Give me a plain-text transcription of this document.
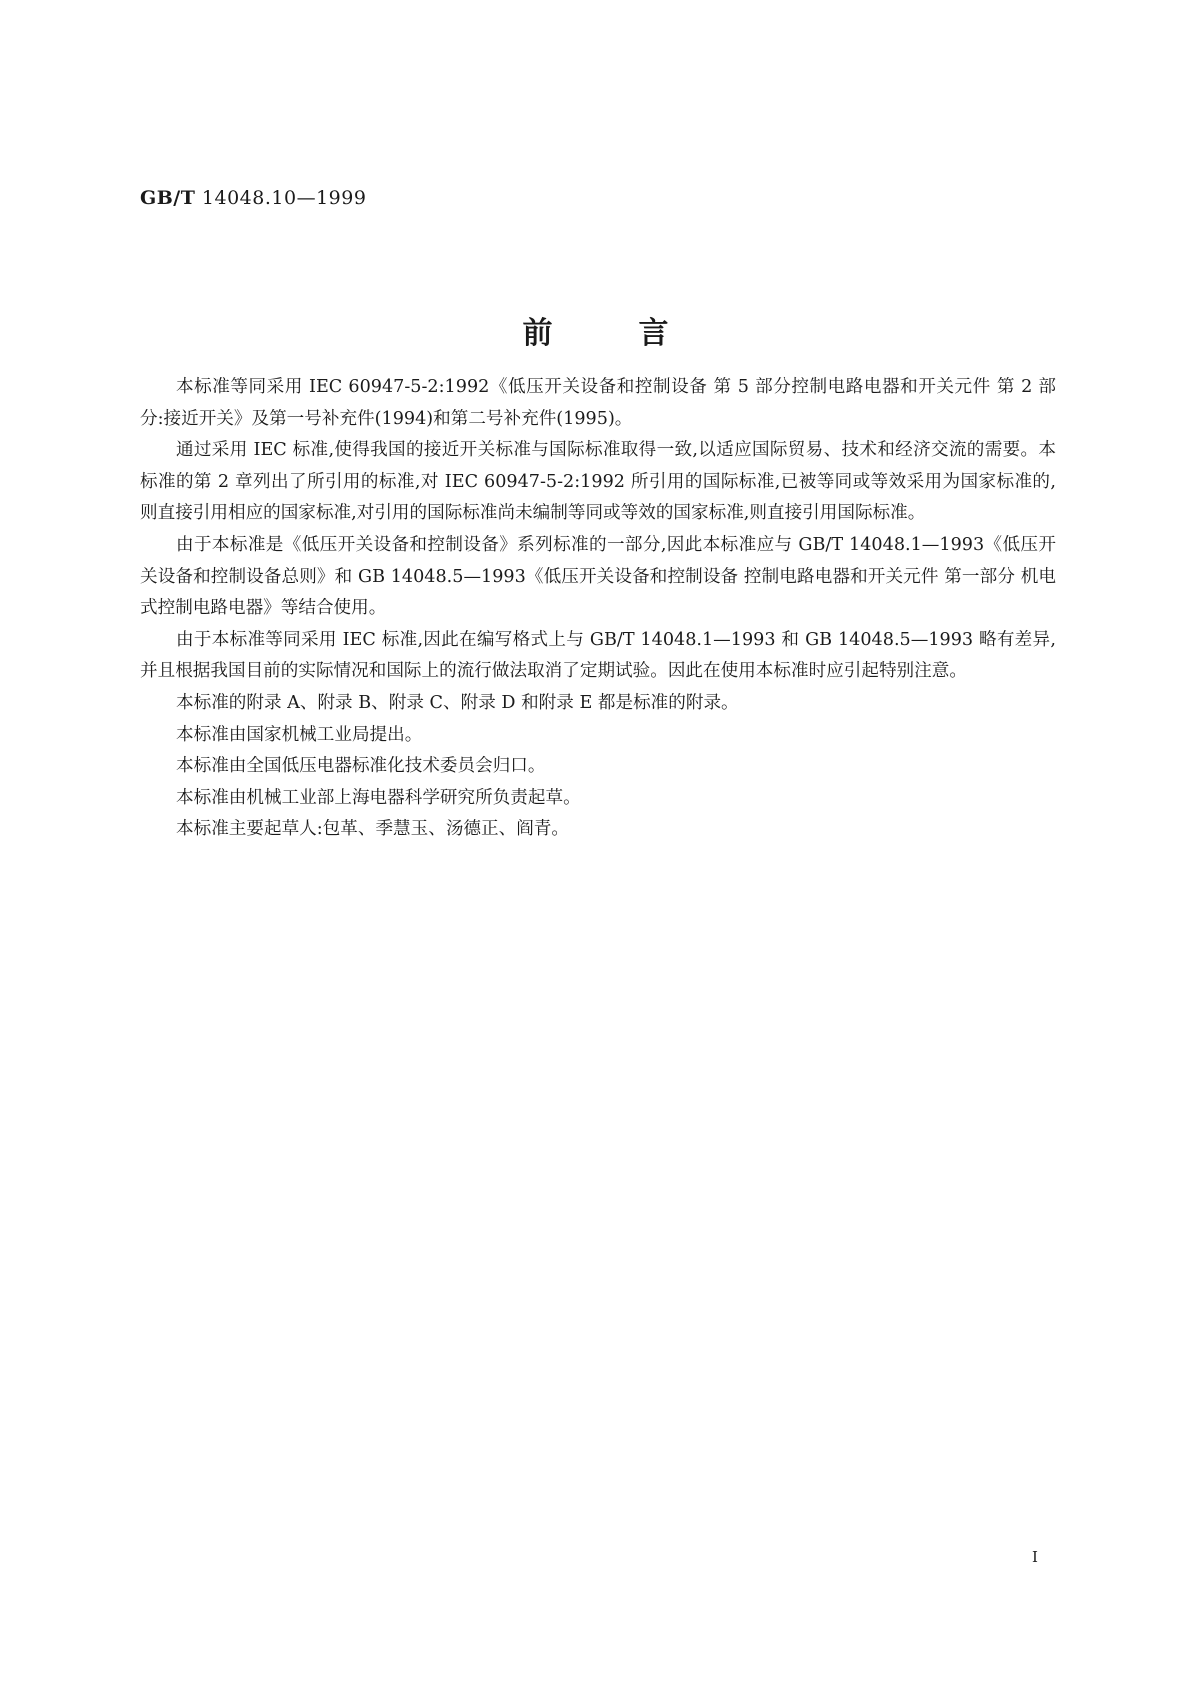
GB/T 14048.10—1999
前言

本标准等同采用 IEC 60947-5-2:1992《低压开关设备和控制设备 第 5 部分控制电路电器和开关元件 第 2 部分:接近开关》及第一号补充件(1994)和第二号补充件(1995)。

通过采用 IEC 标准,使得我国的接近开关标准与国际标准取得一致,以适应国际贸易、技术和经济交流的需要。本标准的第 2 章列出了所引用的标准,对 IEC 60947-5-2:1992 所引用的国际标准,已被等同或等效采用为国家标准的,则直接引用相应的国家标准,对引用的国际标准尚未编制等同或等效的国家标准,则直接引用国际标准。

由于本标准是《低压开关设备和控制设备》系列标准的一部分,因此本标准应与 GB/T 14048.1—1993《低压开关设备和控制设备总则》和 GB 14048.5—1993《低压开关设备和控制设备 控制电路电器和开关元件 第一部分 机电式控制电路电器》等结合使用。

由于本标准等同采用 IEC 标准,因此在编写格式上与 GB/T 14048.1—1993 和 GB 14048.5—1993 略有差异,并且根据我国目前的实际情况和国际上的流行做法取消了定期试验。因此在使用本标准时应引起特别注意。

本标准的附录 A、附录 B、附录 C、附录 D 和附录 E 都是标准的附录。

本标准由国家机械工业局提出。

本标准由全国低压电器标准化技术委员会归口。

本标准由机械工业部上海电器科学研究所负责起草。

本标准主要起草人:包革、季慧玉、汤德正、阎青。

I
